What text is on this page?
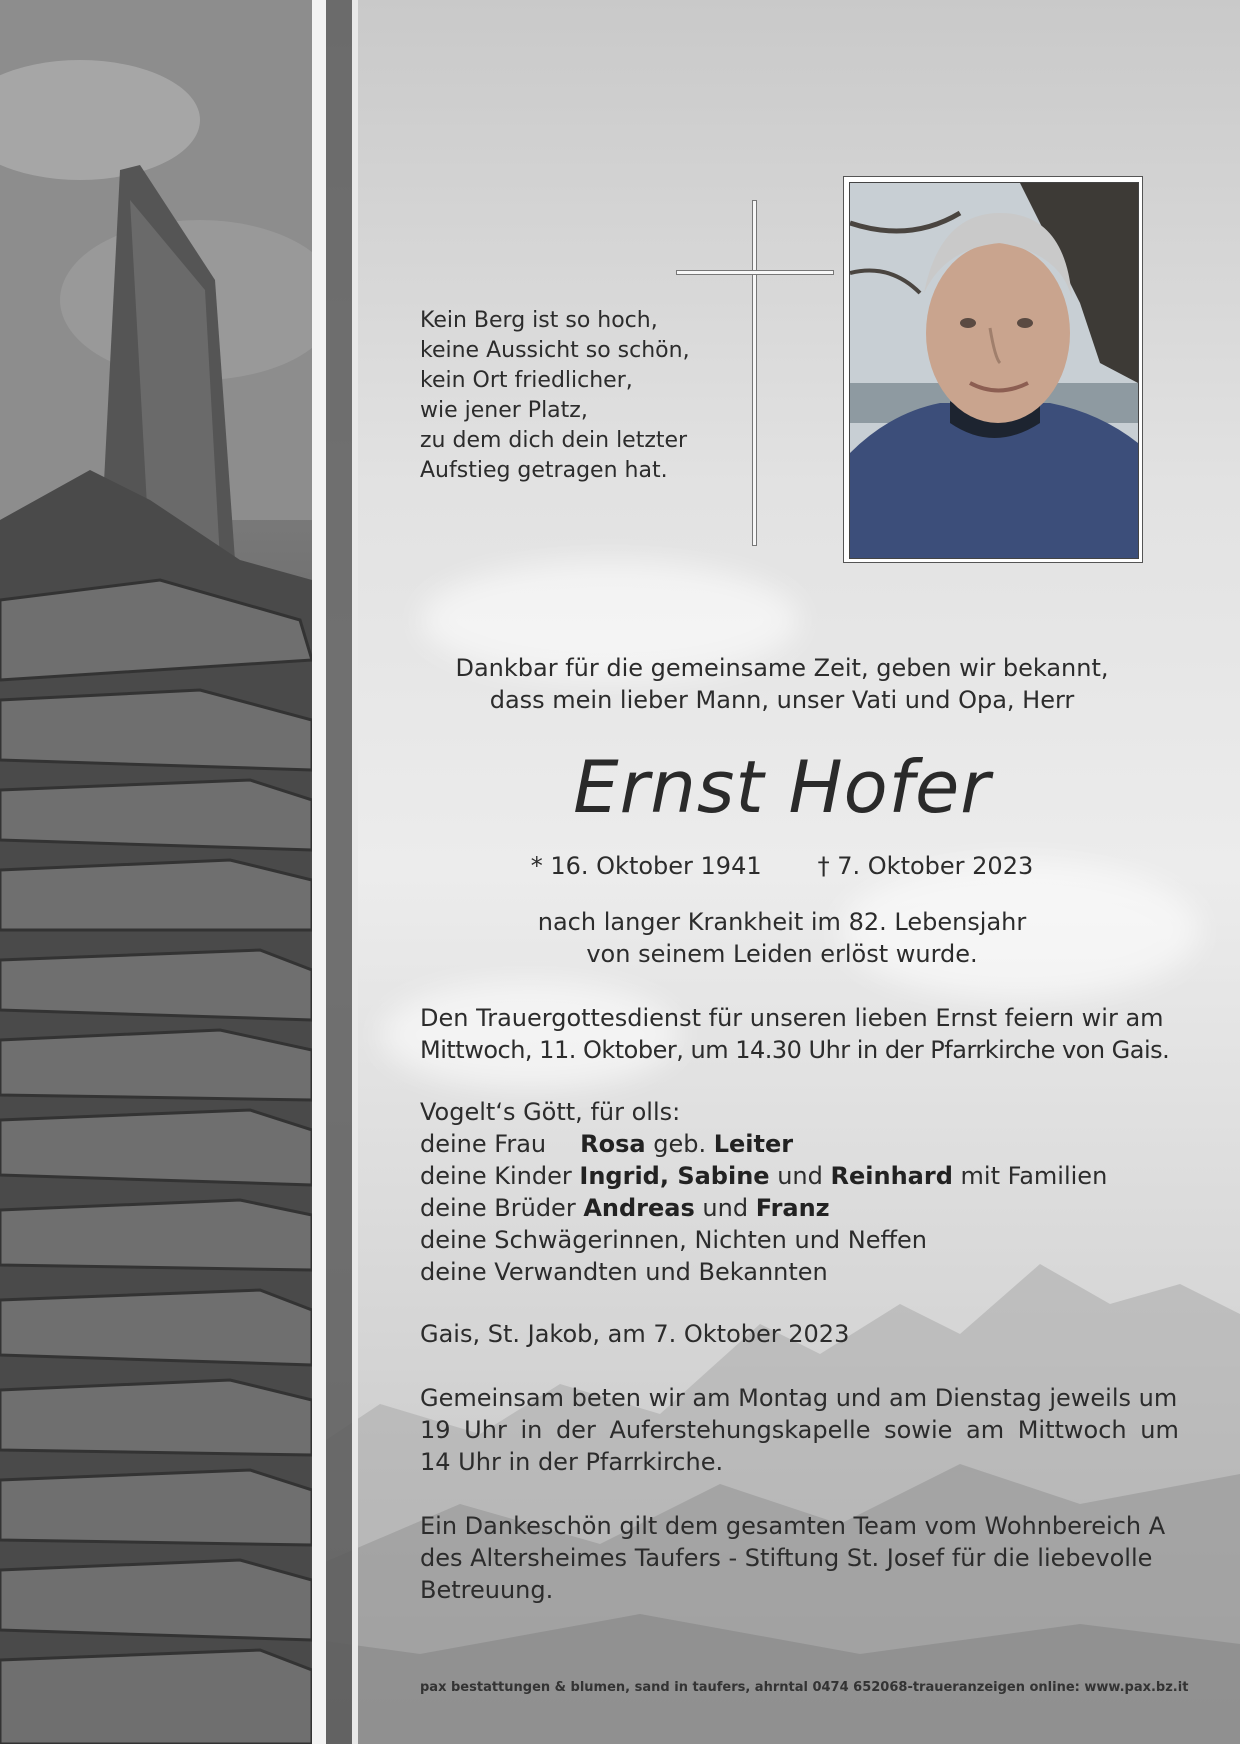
Kein Berg ist so hoch,
keine Aussicht so schön,
kein Ort friedlicher,
wie jener Platz,
zu dem dich dein letzter
Aufstieg getragen hat.
Dankbar für die gemeinsame Zeit, geben wir bekannt,
dass mein lieber Mann, unser Vati und Opa, Herr
Ernst Hofer
* 16. Oktober 1941 † 7. Oktober 2023
nach langer Krankheit im 82. Lebensjahr
von seinem Leiden erlöst wurde.
Den Trauergottesdienst für unseren lieben Ernst feiern wir am
Mittwoch, 11. Oktober, um 14.30 Uhr in der Pfarrkirche von Gais.
Vogelt‘s Gött, für olls:
deine Frau Rosa geb. Leiter
deine Kinder Ingrid, Sabine und Reinhard mit Familien
deine Brüder Andreas und Franz
deine Schwägerinnen, Nichten und Neffen
deine Verwandten und Bekannten
Gais, St. Jakob, am 7. Oktober 2023
Gemeinsam beten wir am Montag und am Dienstag jeweils um
19 Uhr in der Auferstehungskapelle sowie am Mittwoch um
14 Uhr in der Pfarrkirche.
Ein Dankeschön gilt dem gesamten Team vom Wohnbereich A
des Altersheimes Taufers - Stiftung St. Josef für die liebevolle
Betreuung.
pax bestattungen & blumen, sand in taufers, ahrntal 0474 652068-traueranzeigen online: www.pax.bz.it
